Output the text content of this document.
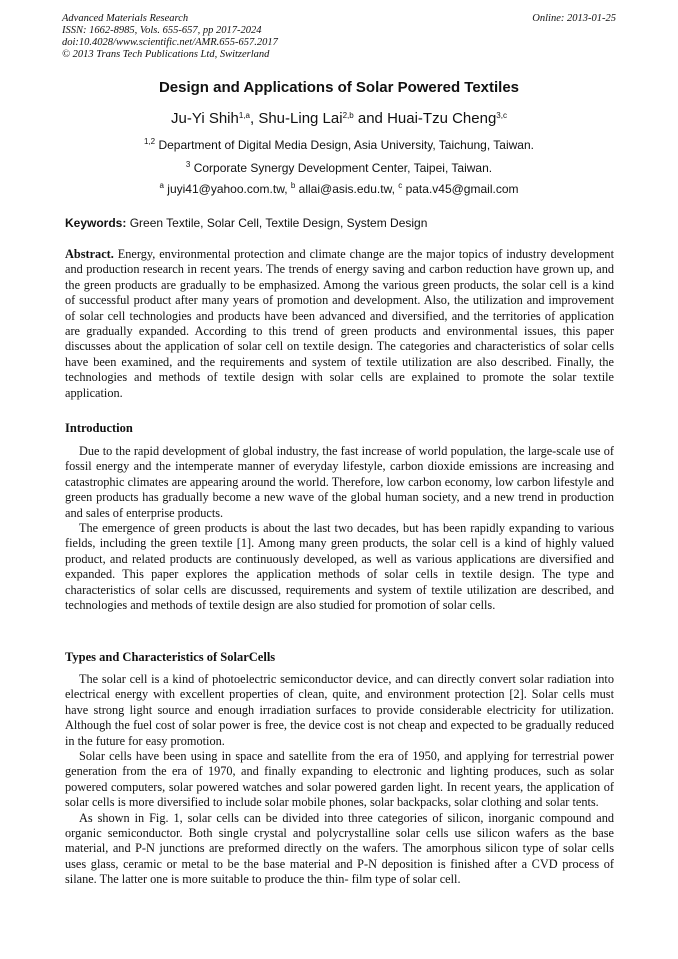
Advanced Materials Research
ISSN: 1662-8985, Vols. 655-657, pp 2017-2024
doi:10.4028/www.scientific.net/AMR.655-657.2017
© 2013 Trans Tech Publications Ltd, Switzerland
Online: 2013-01-25
Design and Applications of Solar Powered Textiles
Ju-Yi Shih$^{1,a}$, Shu-Ling Lai$^{2,b}$ and Huai-Tzu Cheng$^{3,c}$
$^{1,2}$ Department of Digital Media Design, Asia University, Taichung, Taiwan.
$^3$ Corporate Synergy Development Center, Taipei, Taiwan.
$^a$ juyi41@yahoo.com.tw, $^b$ allai@asis.edu.tw, $^c$ pata.v45@gmail.com
Keywords: Green Textile, Solar Cell, Textile Design, System Design

Abstract. Energy, environmental protection and climate change are the major topics of industry development and production research in recent years. The trends of energy saving and carbon reduction have grown up, and the green products are gradually to be emphasized. Among the various green products, the solar cell is a kind of successful product after many years of promotion and development. Also, the utilization and improvement of solar cell technologies and products have been advanced and diversified, and the territories of application are gradually expanded. According to this trend of green products and environmental issues, this paper discusses about the application of solar cell on textile design. The categories and characteristics of solar cells have been examined, and the requirements and system of textile utilization are also described. Finally, the technologies and methods of textile design with solar cells are explained to promote the solar textile application.

Introduction

Due to the rapid development of global industry, the fast increase of world population, the large-scale use of fossil energy and the intemperate manner of everyday lifestyle, carbon dioxide emissions are increasing and catastrophic climates are appearing around the world. Therefore, low carbon economy, low carbon lifestyle and green products has gradually become a new wave of the global human society, and a new trend in production and sales of enterprise products.

The emergence of green products is about the last two decades, but has been rapidly expanding to various fields, including the green textile [1]. Among many green products, the solar cell is a kind of highly valued product, and related products are continuously developed, as well as various applications are diversified and expanded. This paper explores the application methods of solar cells in textile design. The type and characteristics of solar cells are discussed, requirements and system of textile utilization are described, and technologies and methods of textile design are also studied for promotion of solar cells.

Types and Characteristics of SolarCells

The solar cell is a kind of photoelectric semiconductor device, and can directly convert solar radiation into electrical energy with excellent properties of clean, quite, and environment protection [2]. Solar cells must have strong light source and enough irradiation surfaces to provide considerable electricity for utilization. Although the fuel cost of solar power is free, the device cost is not cheap and expected to be gradually reduced in the future for easy promotion.

Solar cells have been using in space and satellite from the era of 1950, and applying for terrestrial power generation from the era of 1970, and finally expanding to electronic and lighting produces, such as solar powered computers, solar powered watches and solar powered garden light. In recent years, the application of solar cells is more diversified to include solar mobile phones, solar backpacks, solar clothing and solar tents.

As shown in Fig. 1, solar cells can be divided into three categories of silicon, inorganic compound and organic semiconductor. Both single crystal and polycrystalline solar cells use silicon wafers as the base material, and P-N junctions are preformed directly on the wafers. The amorphous silicon type of solar cells uses glass, ceramic or metal to be the base material and P-N deposition is finished after a CVD process of silane. The latter one is more suitable to produce the thin- film type of solar cell.
